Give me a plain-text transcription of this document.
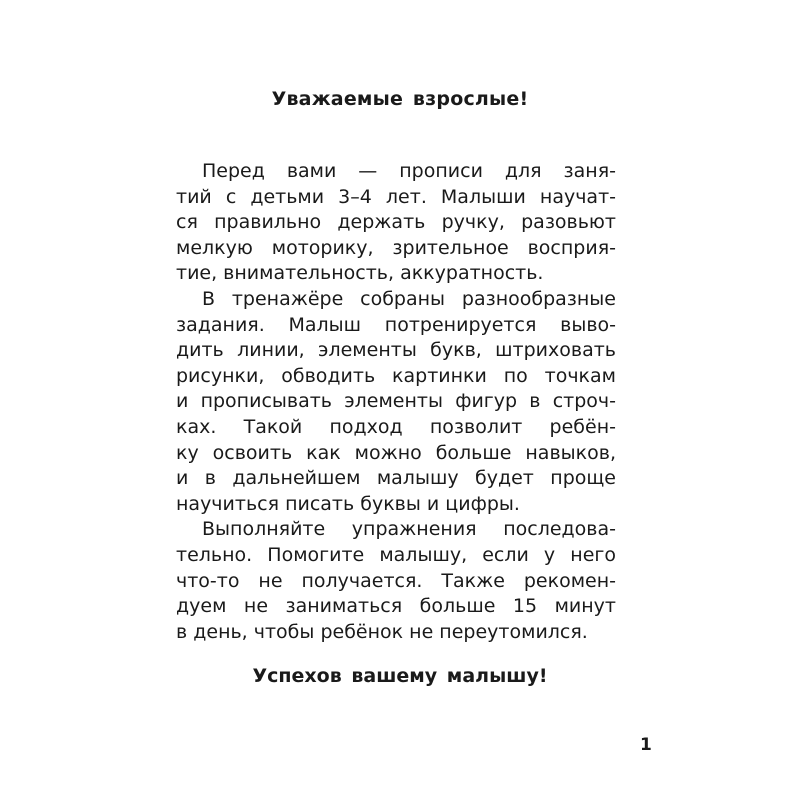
Уважаемые взрослые!
Перед вами — прописи для заня-
тий с детьми 3–4 лет. Малыши научат-
ся правильно держать ручку, разовьют
мелкую моторику, зрительное восприя-
тие, внимательность, аккуратность.
В тренажёре собраны разнообразные
задания. Малыш потренируется выво-
дить линии, элементы букв, штриховать
рисунки, обводить картинки по точкам
и прописывать элементы фигур в строч-
ках. Такой подход позволит ребён-
ку освоить как можно больше навыков,
и в дальнейшем малышу будет проще
научиться писать буквы и цифры.
Выполняйте упражнения последова-
тельно. Помогите малышу, если у него
что-то не получается. Также рекомен-
дуем не заниматься больше 15 минут
в день, чтобы ребёнок не переутомился.
Успехов вашему малышу!
1
